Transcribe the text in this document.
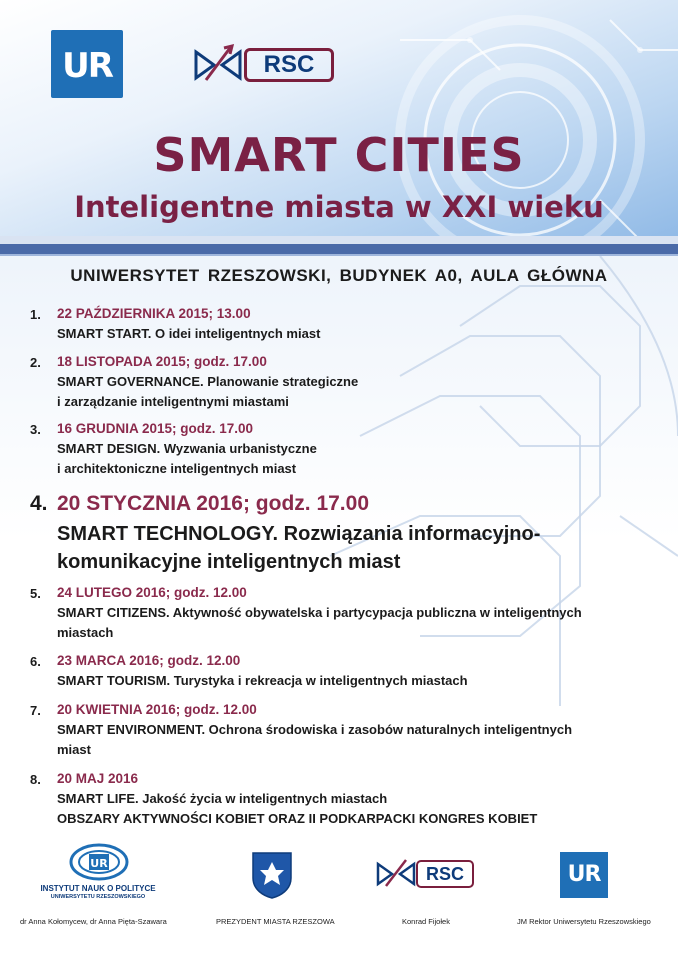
UR	RSC
SMART CITIES
Inteligentne miasta w XXI wieku
UNIWERSYTET RZESZOWSKI, BUDYNEK A0, AULA GŁÓWNA
1. 22 PAŹDZIERNIKA 2015; 13.00
SMART START. O idei inteligentnych miast
2. 18 LISTOPADA 2015; godz. 17.00
SMART GOVERNANCE. Planowanie strategiczne
i zarządzanie inteligentnymi miastami
3. 16 GRUDNIA 2015; godz. 17.00
SMART DESIGN. Wyzwania urbanistyczne
i architektoniczne inteligentnych miast
4. 20 STYCZNIA 2016; godz. 17.00
SMART TECHNOLOGY. Rozwiązania informacyjno-
komunikacyjne inteligentnych miast
5. 24 LUTEGO 2016; godz. 12.00
SMART CITIZENS. Aktywność obywatelska i partycypacja publiczna w inteligentnych
miastach
6. 23 MARCA 2016; godz. 12.00
SMART TOURISM. Turystyka i rekreacja w inteligentnych miastach
7. 20 KWIETNIA 2016; godz. 12.00
SMART ENVIRONMENT. Ochrona środowiska i zasobów naturalnych inteligentnych
miast
8. 20 MAJ 2016
SMART LIFE. Jakość życia w inteligentnych miastach
OBSZARY AKTYWNOŚCI KOBIET ORAZ II PODKARPACKI KONGRES KOBIET
UR
INSTYTUT NAUK O POLITYCE
UNIWERSYTETU RZESZOWSKIEGO
RSC	UR
dr Anna Kołomycew, dr Anna Pięta-Szawara	PREZYDENT MIASTA RZESZOWA	Konrad Fijołek	JM Rektor Uniwersytetu Rzeszowskiego
